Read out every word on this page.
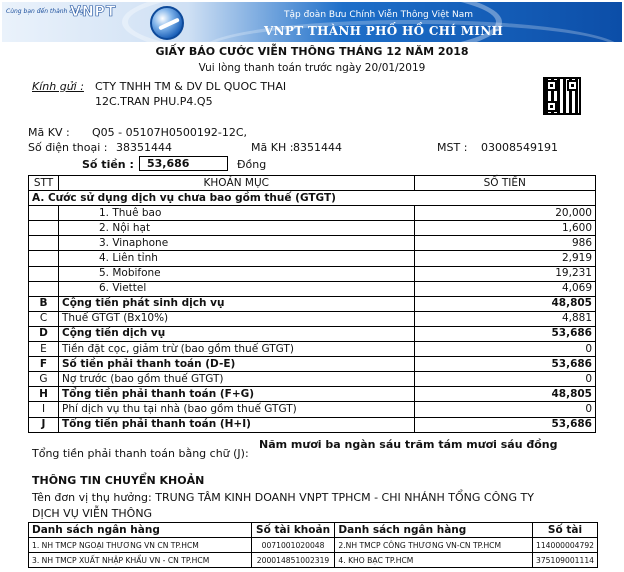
Cùng bạn đến thành công
VNPT	Tập đoàn Bưu Chính Viễn Thông Việt Nam
VNPT THÀNH PHỐ HỒ CHÍ MINH
GIẤY BÁO CƯỚC VIỄN THÔNG THÁNG 12 NĂM 2018
Vui lòng thanh toán trước ngày 20/01/2019
Kính gửi : CTY TNHH TM & DV DL QUOC THAI
12C.TRAN PHU.P4.Q5
Mã KV : Q05 - 05107H0500192-12C,
Số điện thoại : 38351444	Mã KH : 8351444	MST : 03008549191
Số tiền :	53,686	Đồng
STT	KHOẢN MỤC	SỐ TIỀN
A. Cước sử dụng dịch vụ chưa bao gồm thuế (GTGT)		
	1. Thuê bao	20,000
	2. Nội hạt	1,600
	3. Vinaphone	986
	4. Liên tỉnh	2,919
	5. Mobifone	19,231
	6. Viettel	4,069
B	Cộng tiền phát sinh dịch vụ	48,805
C	Thuế GTGT (Bx10%)	4,881
D	Cộng tiền dịch vụ	53,686
E	Tiền đặt cọc, giảm trừ (bao gồm thuế GTGT)	0
F	Số tiền phải thanh toán (D-E)	53,686
G	Nợ trước (bao gồm thuế GTGT)	0
H	Tổng tiền phải thanh toán (F+G)	48,805
I	Phí dịch vụ thu tại nhà (bao gồm thuế GTGT)	0
J	Tổng tiền phải thanh toán (H+I)	53,686
Tổng tiền phải thanh toán bằng chữ (J):
Năm mươi ba ngàn sáu trăm tám mươi sáu đồng
THÔNG TIN CHUYỂN KHOẢN
Tên đơn vị thụ hưởng: TRUNG TÂM KINH DOANH VNPT TPHCM - CHI NHÁNH TỔNG CÔNG TY
DỊCH VỤ VIỄN THÔNG
Danh sách ngân hàng	Số tài khoản	Danh sách ngân hàng	Số tài
1. NH TMCP NGOẠI THƯƠNG VN CN TP.HCM	0071001020048	2.NH TMCP CÔNG THƯƠNG VN-CN TP.HCM	114000004792
3. NH TMCP XUẤT NHẬP KHẨU VN - CN TP.HCM	200014851002319	4. KHO BẠC TP.HCM	375109001114
